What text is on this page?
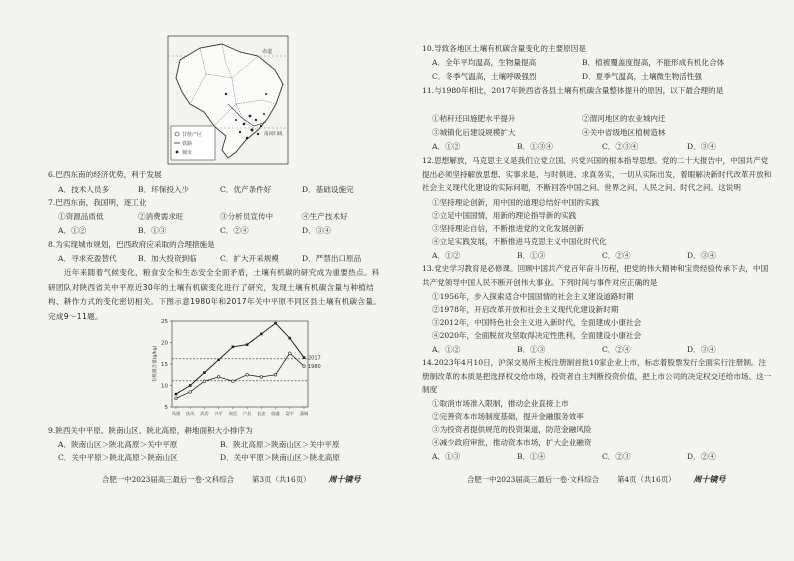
赤道
南回归线
甘蔗产区
铁路
城市
6.巴西东南的经济优势，利于发展
A．技术人员多	B．环保投入少	C．优产条件好	D．基础设施完
7.巴西东南，我国明，逐工业
①资源品质低	②消费需求旺	③分析员宣传中	④生产技术好
A．①②	B．①③	C．②④	D．③④
8.为实现城市规划，巴西政府应采取的合理措施是
A．寻求充盈替代	B．加大投资到临	C．扩大开采规模	D．严禁出口原品
近年来随着气候变化，粮食安全和生态安全全面矛盾，土壤有机碳的研究成为重要热点。科研团队对陕西省关中平原近30年的土壤有机碳变化进行了研究，发现土壤有机碳含量与种植结构、耕作方式的变化密切相关。下图示意1980年和2017年关中平原不同区县土壤有机碳含量。完成9～11题。
5
10
15
20
25
有机碳含量(g/kg)
凤翔 扶风 武功 兴平 周至 户县 长安 临潼 富平 蒲城
2017
1980
9.陕西关中平原、陕南山区、陕北高原，耕地面积大小排序为
A．陕南山区＞陕北高原＞关中平原	B．陕北高原＞陕南山区＞关中平原
C．关中平原＞陕北高原＞陕南山区	D．关中平原＞陕南山区＞陕北高原
合肥一中2023届高三最后一卷·文科综合 第3页（共16页） 周十镜号
10.导致各地区土壤有机碳含量变化的主要原因是
A．全年平均温高，生物量提高	B．植被覆盖度提高，不能形成有机化合体
C．冬季气温高，土壤呼吸强烈	D．夏季气温高，土壤微生物活性强
11.与1980年相比，2017年陕西省各县土壤有机碳含量整体提升的原因，以下最合理的是
①秸秆还田施肥水平提升	②渭河地区的农业城内迁
③城镇化后建设规模扩大	④关中省级地区植树造林
A．①②	B．①③④	C．②③④	D．③④
12.思想解放，马克思主义是我们立党立国、兴党兴国的根本指导思想。党的二十大报告中，中国共产党提出必须坚持解放思想、实事求是、与时俱进、求真务实，一切从实际出发，着眼解决新时代改革开放和社会主义现代化建设的实际问题，不断回答中国之问、世界之问、人民之问、时代之问。这说明
①坚持理论创新，用中国的道理总结好中国的实践
②立足中国国情，用新的理论指导新的实践
③坚持理论自信，不断推进党的文化发展创新
④立足实践发展，不断推进马克思主义中国化时代化
A．①②	B．①③	C．②④	D．③④
13.党史学习教育是必修课。回顾中国共产党百年奋斗历程，把党的伟大精神和宝贵经验传承下去，中国共产党领导中国人民不断开创伟大事业。下列时间与事件对应正确的是
①1956年，步入探索适合中国国情的社会主义建设道路时期
②1978年，开启改革开放和社会主义现代化建设新时期
③2012年，中国特色社会主义进入新时代，全面建成小康社会
④2020年，全面脱贫攻坚取得决定性胜利，全面建设小康社会
A．①②	B．①③	C．②④	D．③④
14.2023年4月10日，沪深交易所主板注册制首批10家企业上市，标志着股票发行全面实行注册制。注册制改革的本质是把选择权交给市场，投资者自主判断投资价值，把上市公司的决定权交还给市场。这一制度
①取消市场准入限制，推动企业直接上市
②完善资本市场制度基础，提升金融服务效率
③为投资者提供规范的投资渠道，防范金融风险
④减少政府审批，推动资本市场，扩大企业融资
A．①③	B．①④	C．②③	D．②④
合肥一中2023届高三最后一卷·文科综合 第4页（共16页） 周十镜号
